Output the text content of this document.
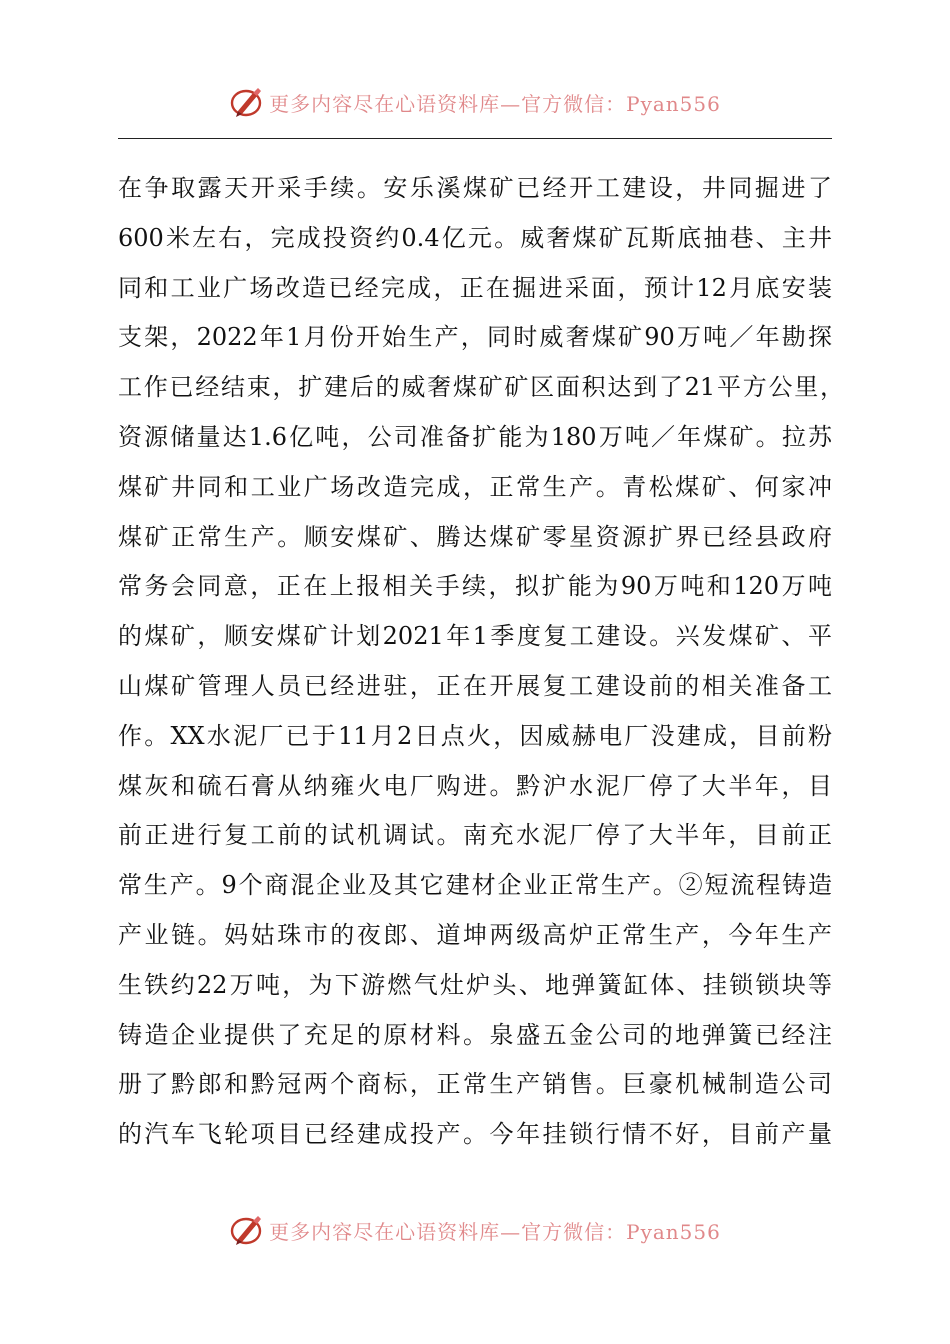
更多内容尽在心语资料库—官方微信：Pyan556
在争取露天开采手续。安乐溪煤矿已经开工建设，井同掘进了
600米左右，完成投资约0.4亿元。威奢煤矿瓦斯底抽巷、主井
同和工业广场改造已经完成，正在掘进采面，预计12月底安装
支架，2022年1月份开始生产，同时威奢煤矿90万吨／年勘探
工作已经结束，扩建后的威奢煤矿矿区面积达到了21平方公里，
资源储量达1.6亿吨，公司准备扩能为180万吨／年煤矿。拉苏
煤矿井同和工业广场改造完成，正常生产。青松煤矿、何家冲
煤矿正常生产。顺安煤矿、腾达煤矿零星资源扩界已经县政府
常务会同意，正在上报相关手续，拟扩能为90万吨和120万吨
的煤矿，顺安煤矿计划2021年1季度复工建设。兴发煤矿、平
山煤矿管理人员已经进驻，正在开展复工建设前的相关准备工
作。XX水泥厂已于11月2日点火，因威赫电厂没建成，目前粉
煤灰和硫石膏从纳雍火电厂购进。黔沪水泥厂停了大半年，目
前正进行复工前的试机调试。南充水泥厂停了大半年，目前正
常生产。9个商混企业及其它建材企业正常生产。②短流程铸造
产业链。妈姑珠市的夜郎、道坤两级高炉正常生产，今年生产
生铁约22万吨，为下游燃气灶炉头、地弹簧缸体、挂锁锁块等
铸造企业提供了充足的原材料。泉盛五金公司的地弹簧已经注
册了黔郎和黔冠两个商标，正常生产销售。巨豪机械制造公司
的汽车飞轮项目已经建成投产。今年挂锁行情不好，目前产量
更多内容尽在心语资料库—官方微信：Pyan556
